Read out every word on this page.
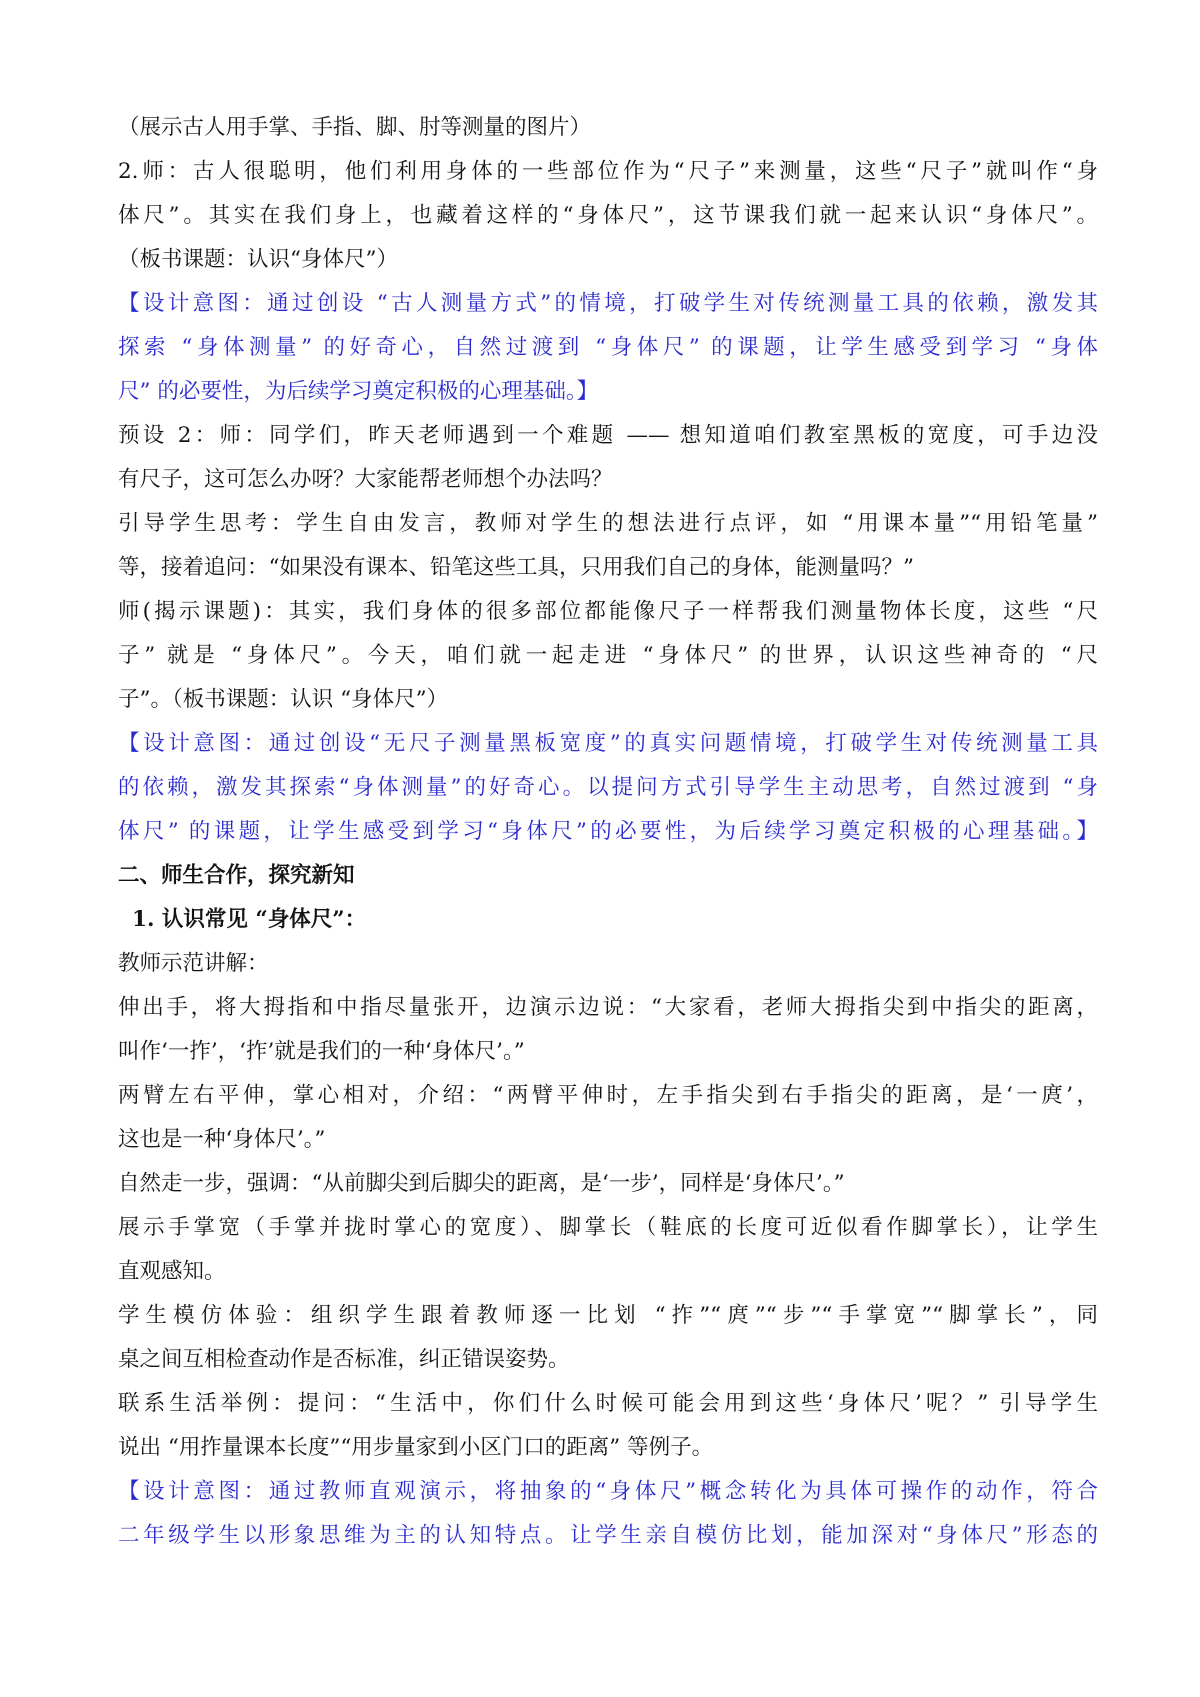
（展示古人用手掌、手指、脚、肘等测量的图片）
2.师：古人很聪明，他们利用身体的一些部位作为“尺子”来测量，这些“尺子”就叫作“身
体尺”。其实在我们身上，也藏着这样的“身体尺”，这节课我们就一起来认识“身体尺”。
（板书课题：认识“身体尺”）
【设计意图：通过创设 “古人测量方式”的情境，打破学生对传统测量工具的依赖，激发其
探索 “身体测量” 的好奇心，自然过渡到 “身体尺” 的课题，让学生感受到学习 “身体
尺” 的必要性，为后续学习奠定积极的心理基础。】
预设 2：师：同学们，昨天老师遇到一个难题 —— 想知道咱们教室黑板的宽度，可手边没
有尺子，这可怎么办呀？大家能帮老师想个办法吗？
引导学生思考：学生自由发言，教师对学生的想法进行点评，如 “用课本量”“用铅笔量”
等，接着追问：“如果没有课本、铅笔这些工具，只用我们自己的身体，能测量吗？”
师(揭示课题)：其实，我们身体的很多部位都能像尺子一样帮我们测量物体长度，这些 “尺
子” 就是 “身体尺”。今天，咱们就一起走进 “身体尺” 的世界，认识这些神奇的 “尺
子”。（板书课题：认识 “身体尺”）
【设计意图：通过创设“无尺子测量黑板宽度”的真实问题情境，打破学生对传统测量工具
的依赖，激发其探索“身体测量”的好奇心。以提问方式引导学生主动思考，自然过渡到 “身
体尺” 的课题，让学生感受到学习“身体尺”的必要性，为后续学习奠定积极的心理基础。】
二、师生合作，探究新知
1. 认识常见 “身体尺”：
教师示范讲解：
伸出手，将大拇指和中指尽量张开，边演示边说：“大家看，老师大拇指尖到中指尖的距离，
叫作‘一拃’，‘拃’就是我们的一种‘身体尺’。”
两臂左右平伸，掌心相对，介绍：“两臂平伸时，左手指尖到右手指尖的距离，是‘一庹’，
这也是一种‘身体尺’。”
自然走一步，强调：“从前脚尖到后脚尖的距离，是‘一步’，同样是‘身体尺’。”
展示手掌宽（手掌并拢时掌心的宽度）、脚掌长（鞋底的长度可近似看作脚掌长），让学生
直观感知。
学生模仿体验：组织学生跟着教师逐一比划 “拃”“庹”“步”“手掌宽”“脚掌长”，同
桌之间互相检查动作是否标准，纠正错误姿势。
联系生活举例：提问：“生活中，你们什么时候可能会用到这些‘身体尺’呢？” 引导学生
说出 “用拃量课本长度”“用步量家到小区门口的距离” 等例子。
【设计意图：通过教师直观演示，将抽象的“身体尺”概念转化为具体可操作的动作，符合
二年级学生以形象思维为主的认知特点。让学生亲自模仿比划，能加深对“身体尺”形态的
